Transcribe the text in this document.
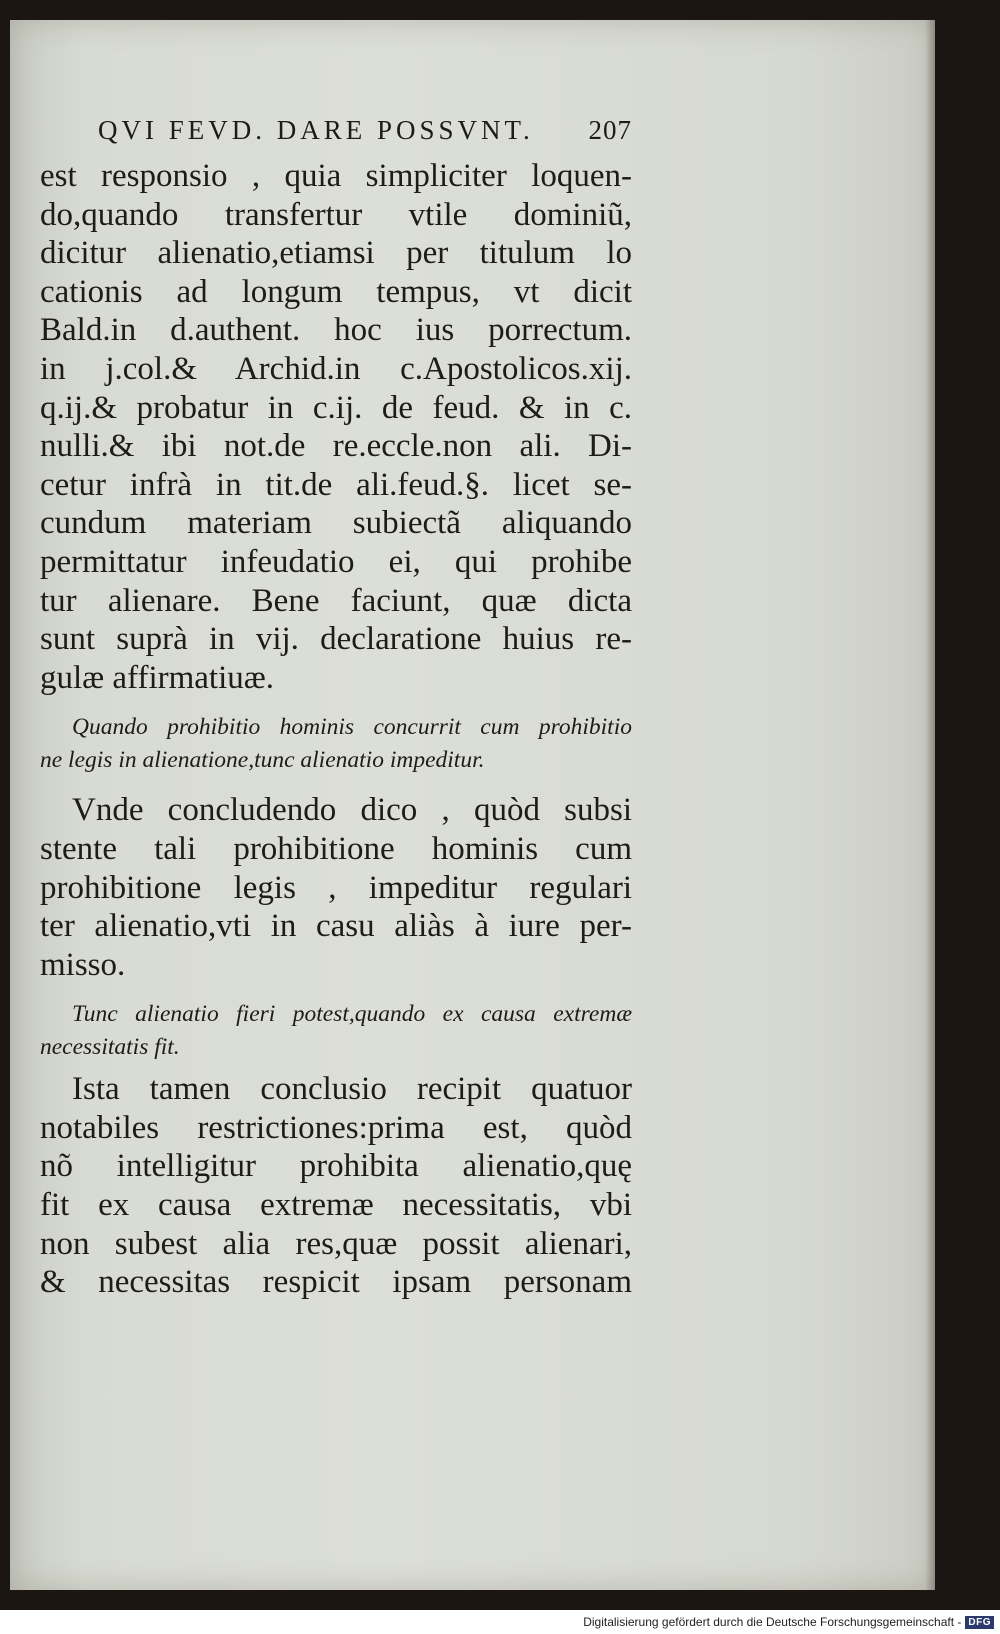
QVI FEVD. DARE POSSVNT. 207
est responsio , quia simpliciter loquen-
do,quando transfertur vtile dominiũ,
dicitur alienatio,etiamsi per titulum lo
cationis ad longum tempus, vt dicit
Bald.in d.authent. hoc ius porrectum.
in j.col.& Archid.in c.Apostolicos.xij.
q.ij.& probatur in c.ij. de feud. & in c.
nulli.& ibi not.de re.eccle.non ali. Di-
cetur infrà in tit.de ali.feud.§. licet se-
cundum materiam subiectã aliquando
permittatur infeudatio ei, qui prohibe
tur alienare. Bene faciunt, quæ dicta
sunt suprà in vij. declaratione huius re-
gulæ affirmatiuæ.
Quando prohibitio hominis concurrit cum prohibitio
ne legis in alienatione,tunc alienatio impeditur.
Vnde concludendo dico , quòd subsi
stente tali prohibitione hominis cum
prohibitione legis , impeditur regulari
ter alienatio,vti in casu aliàs à iure per-
misso.
Tunc alienatio fieri potest,quando ex causa extremæ
necessitatis fit.
Ista tamen conclusio recipit quatuor
notabiles restrictiones:prima est, quòd
nõ intelligitur prohibita alienatio,quę
fit ex causa extremæ necessitatis, vbi
non subest alia res,quæ possit alienari,
& necessitas respicit ipsam personam
Digitalisierung gefördert durch die Deutsche Forschungsgemeinschaft - DFG
